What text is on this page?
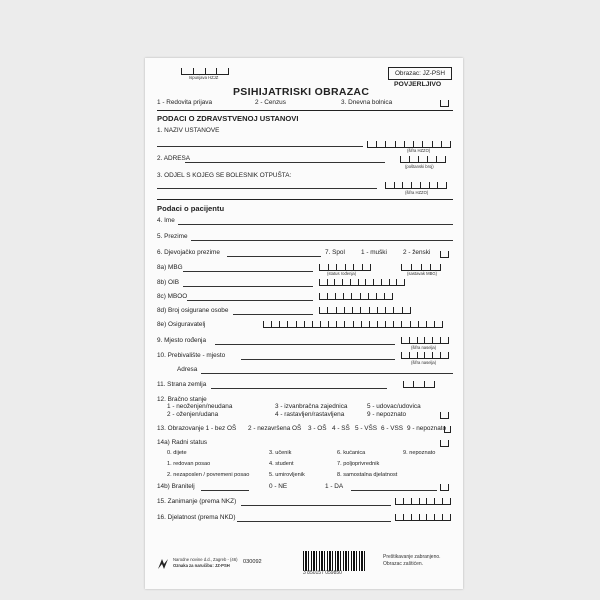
Ispunjava HZJZ
Obrazac: JZ-PSH
POVJERLJIVO
PSIHIJATRISKI OBRAZAC
1 - Redovita prijava	2 - Cenzus	3. Dnevna bolnica
PODACI O ZDRAVSTVENOJ USTANOVI
1. NAZIV USTANOVE
(šifra HZZO)
2. ADRESA
(poštanski broj)
3. ODJEL S KOJEG SE BOLESNIK OTPUŠTA:
(šifra HZZO)
Podaci o pacijentu
4. Ime
5. Prezime
6. Djevojačko prezime	7. Spol	1 - muški	2 - ženski
8a) MBG
(status rođenja)	(sastavak MBG)
8b) OIB
8c) MBOO
8d) Broj osigurane osobe
8e) Osiguravatelj
9. Mjesto rođenja
(šifra naselja)
10. Prebivalište - mjesto
(šifra naselja)
Adresa
11. Strana zemlja
12. Bračno stanje
1 - neoženjen/neudana
2 - oženjen/udana
3 - izvanbračna zajednica
4 - rastavljen/rastavljena
5 - udovac/udovica
9 - nepoznato
13. Obrazovanje 1 - bez OŠ 2 - nezavršena OŠ 3 - OŠ 4 - SŠ 5 - VŠS 6 - VSS 9 - nepoznato
14a) Radni status
0. dijete
1. redovan posao
2. nezaposlen / povremeni posao
3. učenik
4. student
5. umirovljenik
6. kućanica
7. poljoprivrednik
8. samostalna djelatnost
9. nepoznato
14b) Branitelj	0 - NE	1 - DA
15. Zanimanje (prema NKZ)
16. Djelatnost (prema NKD)
Narodne novine d.d., Zagreb - (46)
Oznaka za naručibu: JZ-PSH
030092
3 850157 059850
Preštikavanje zabranjeno.
Obrazac zaštićen.
